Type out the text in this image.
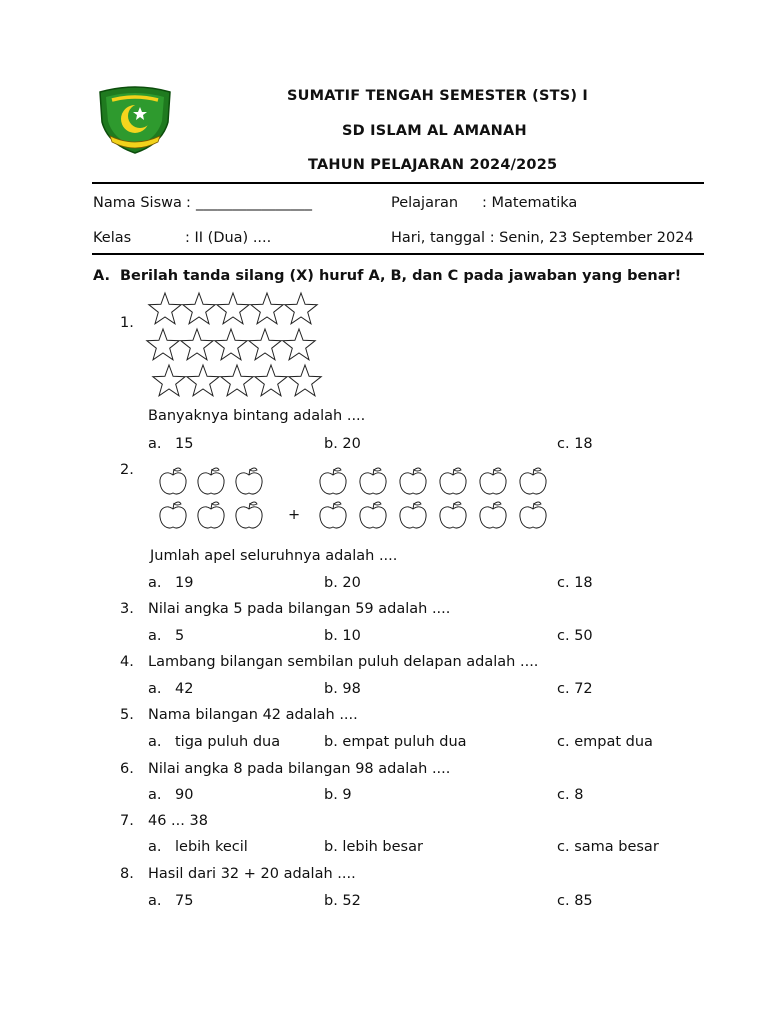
SUMATIF TENGAH SEMESTER (STS) I
SD ISLAM AL AMANAH
TAHUN PELAJARAN 2024/2025
Nama Siswa : ________________	Pelajaran : Matematika
Kelas	: II (Dua) ....	Hari, tanggal : Senin, 23 September 2024
A. Berilah tanda silang (X) huruf A, B, dan C pada jawaban yang benar!
1.
Banyaknya bintang adalah ....
a. 15	b. 20	c. 18
2.
+
Jumlah apel seluruhnya adalah ....
a. 19	b. 20	c. 18
3. Nilai angka 5 pada bilangan 59 adalah ....
a. 5	b. 10	c. 50
4. Lambang bilangan sembilan puluh delapan adalah ....
a. 42	b. 98	c. 72
5. Nama bilangan 42 adalah ....
a. tiga puluh dua	b. empat puluh dua	c. empat dua
6. Nilai angka 8 pada bilangan 98 adalah ....
a. 90	b. 9	c. 8
7. 46 ... 38
a. lebih kecil	b. lebih besar	c. sama besar
8. Hasil dari 32 + 20 adalah ....
a. 75	b. 52	c. 85
